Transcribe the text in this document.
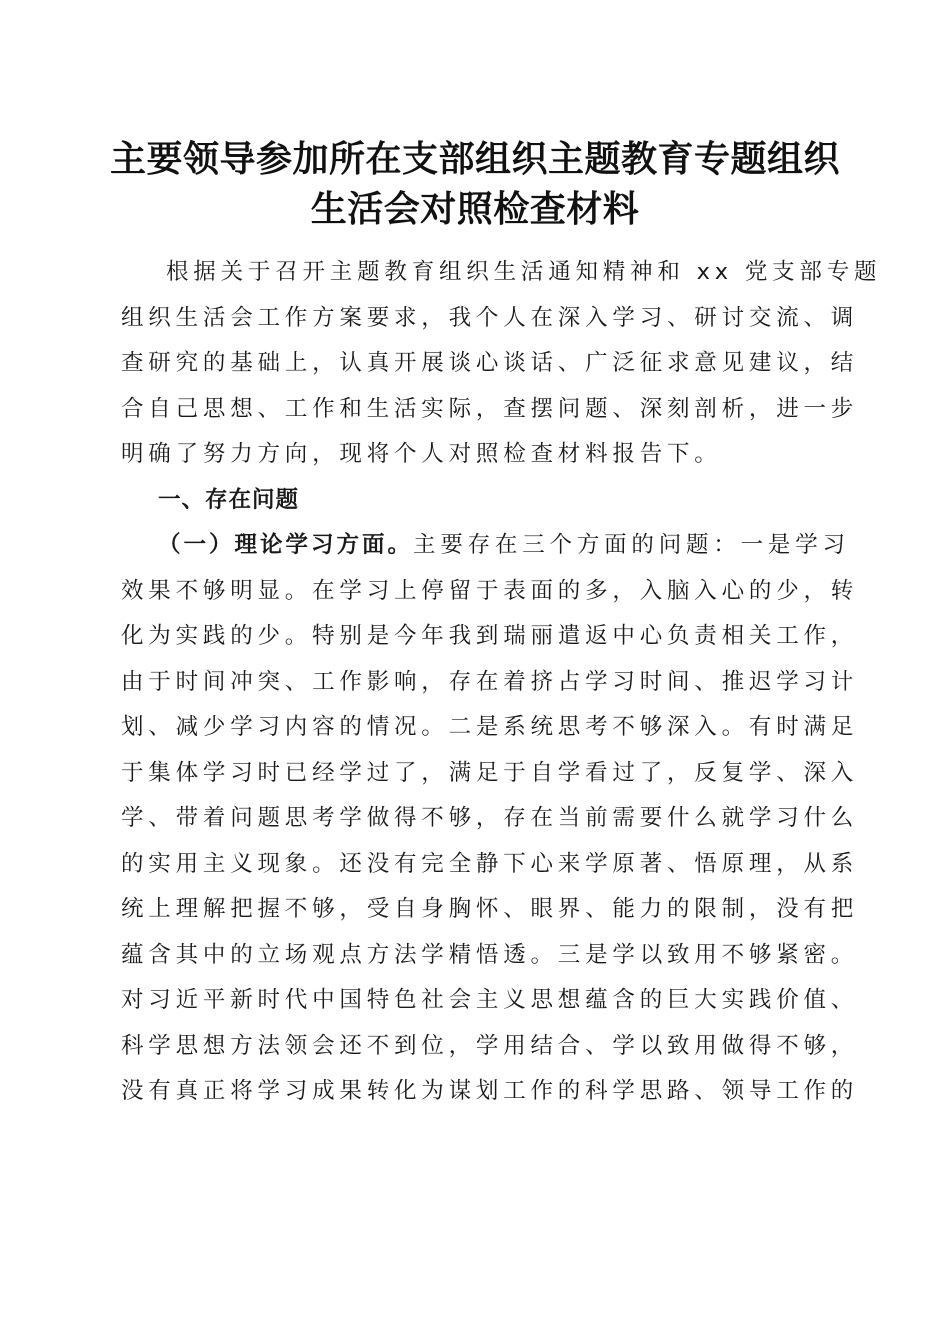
主要领导参加所在支部组织主题教育专题组织
生活会对照检查材料
根据关于召开主题教育组织生活通知精神和 xx 党支部专题
组织生活会工作方案要求，我个人在深入学习、研讨交流、调
查研究的基础上，认真开展谈心谈话、广泛征求意见建议，结
合自己思想、工作和生活实际，查摆问题、深刻剖析，进一步
明确了努力方向，现将个人对照检查材料报告下。
一、存在问题
（一）理论学习方面。主要存在三个方面的问题：一是学习
效果不够明显。在学习上停留于表面的多，入脑入心的少，转
化为实践的少。特别是今年我到瑞丽遣返中心负责相关工作，
由于时间冲突、工作影响，存在着挤占学习时间、推迟学习计
划、减少学习内容的情况。二是系统思考不够深入。有时满足
于集体学习时已经学过了，满足于自学看过了，反复学、深入
学、带着问题思考学做得不够，存在当前需要什么就学习什么
的实用主义现象。还没有完全静下心来学原著、悟原理，从系
统上理解把握不够，受自身胸怀、眼界、能力的限制，没有把
蕴含其中的立场观点方法学精悟透。三是学以致用不够紧密。
对习近平新时代中国特色社会主义思想蕴含的巨大实践价值、
科学思想方法领会还不到位，学用结合、学以致用做得不够，
没有真正将学习成果转化为谋划工作的科学思路、领导工作的
